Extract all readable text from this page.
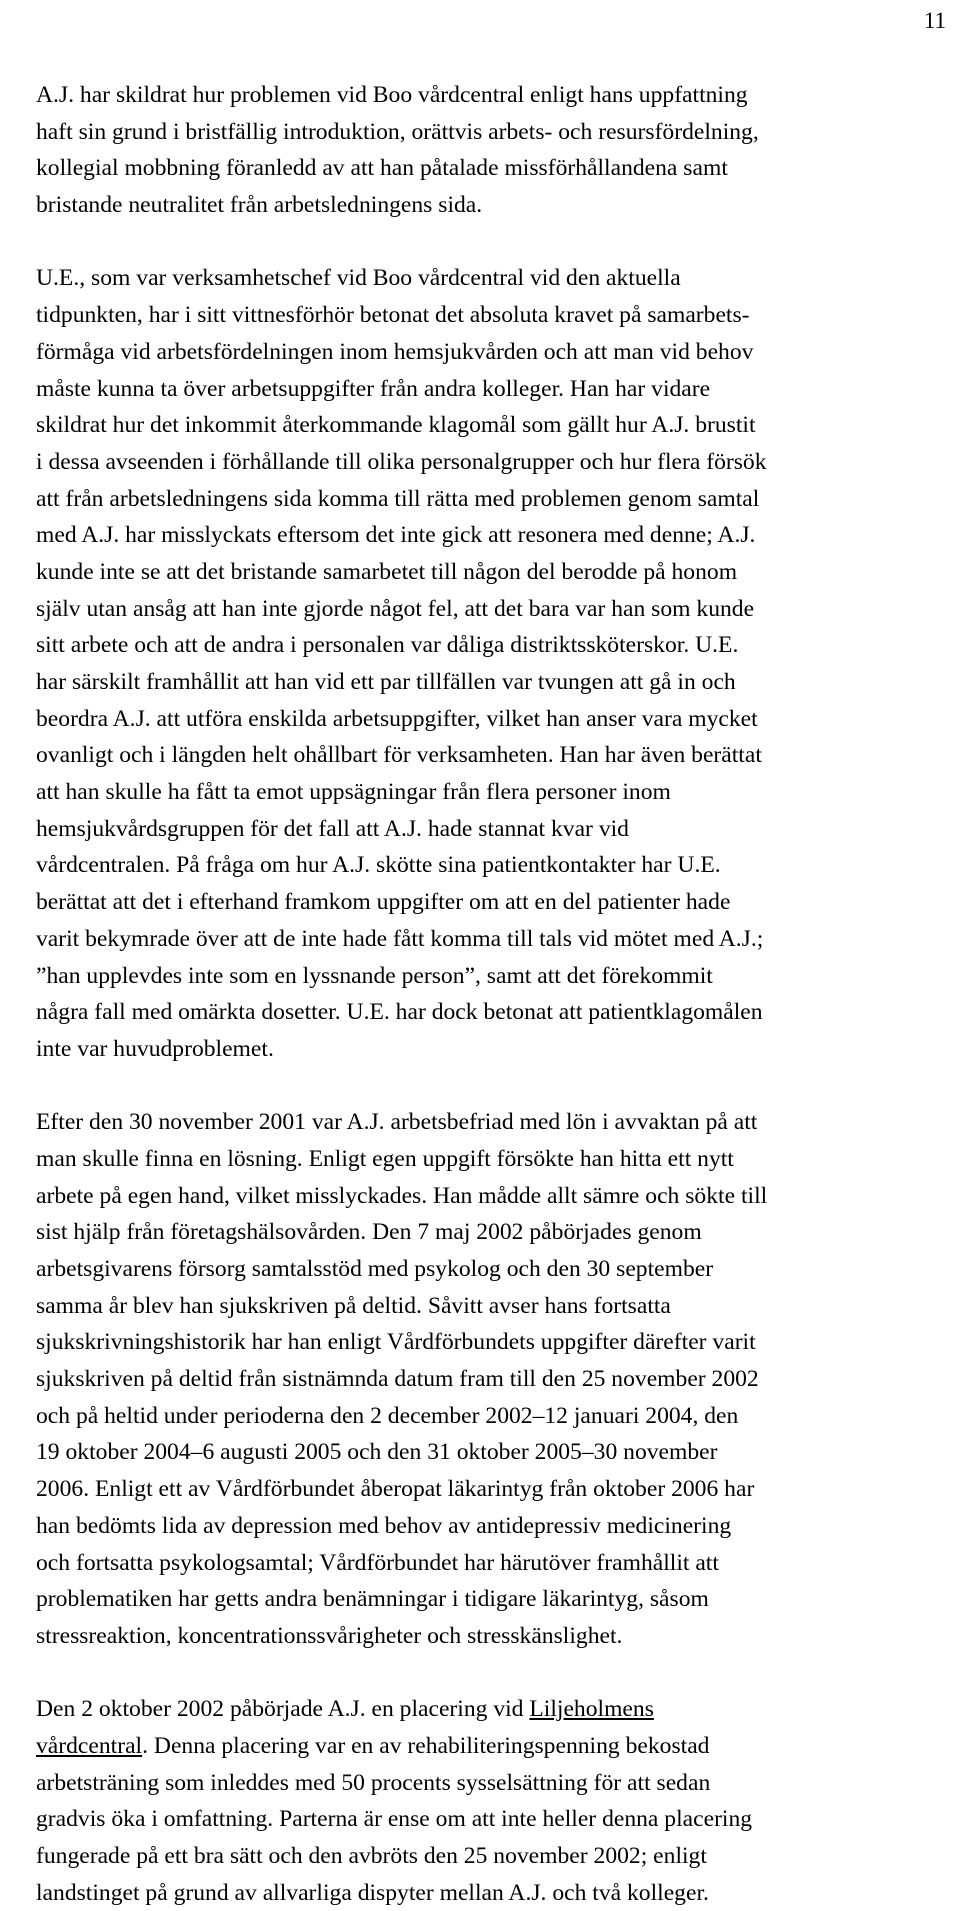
11

A.J. har skildrat hur problemen vid Boo vårdcentral enligt hans uppfattning
haft sin grund i bristfällig introduktion, orättvis arbets- och resursfördelning,
kollegial mobbning föranledd av att han påtalade missförhållandena samt
bristande neutralitet från arbetsledningens sida.

U.E., som var verksamhetschef vid Boo vårdcentral vid den aktuella
tidpunkten, har i sitt vittnesförhör betonat det absoluta kravet på samarbets-
förmåga vid arbetsfördelningen inom hemsjukvården och att man vid behov
måste kunna ta över arbetsuppgifter från andra kolleger. Han har vidare
skildrat hur det inkommit återkommande klagomål som gällt hur A.J. brustit
i dessa avseenden i förhållande till olika personalgrupper och hur flera försök
att från arbetsledningens sida komma till rätta med problemen genom samtal
med A.J. har misslyckats eftersom det inte gick att resonera med denne; A.J.
kunde inte se att det bristande samarbetet till någon del berodde på honom
själv utan ansåg att han inte gjorde något fel, att det bara var han som kunde
sitt arbete och att de andra i personalen var dåliga distriktssköterskor. U.E.
har särskilt framhållit att han vid ett par tillfällen var tvungen att gå in och
beordra A.J. att utföra enskilda arbetsuppgifter, vilket han anser vara mycket
ovanligt och i längden helt ohållbart för verksamheten. Han har även berättat
att han skulle ha fått ta emot uppsägningar från flera personer inom
hemsjukvårdsgruppen för det fall att A.J. hade stannat kvar vid
vårdcentralen. På fråga om hur A.J. skötte sina patientkontakter har U.E.
berättat att det i efterhand framkom uppgifter om att en del patienter hade
varit bekymrade över att de inte hade fått komma till tals vid mötet med A.J.;
”han upplevdes inte som en lyssnande person”, samt att det förekommit
några fall med omärkta dosetter. U.E. har dock betonat att patientklagomålen
inte var huvudproblemet.

Efter den 30 november 2001 var A.J. arbetsbefriad med lön i avvaktan på att
man skulle finna en lösning. Enligt egen uppgift försökte han hitta ett nytt
arbete på egen hand, vilket misslyckades. Han mådde allt sämre och sökte till
sist hjälp från företagshälsovården. Den 7 maj 2002 påbörjades genom
arbetsgivarens försorg samtalsstöd med psykolog och den 30 september
samma år blev han sjukskriven på deltid. Såvitt avser hans fortsatta
sjukskrivningshistorik har han enligt Vårdförbundets uppgifter därefter varit
sjukskriven på deltid från sistnämnda datum fram till den 25 november 2002
och på heltid under perioderna den 2 december 2002–12 januari 2004, den
19 oktober 2004–6 augusti 2005 och den 31 oktober 2005–30 november
2006. Enligt ett av Vårdförbundet åberopat läkarintyg från oktober 2006 har
han bedömts lida av depression med behov av antidepressiv medicinering
och fortsatta psykologsamtal; Vårdförbundet har härutöver framhållit att
problematiken har getts andra benämningar i tidigare läkarintyg, såsom
stressreaktion, koncentrationssvårigheter och stresskänslighet.

Den 2 oktober 2002 påbörjade A.J. en placering vid Liljeholmens
vårdcentral. Denna placering var en av rehabiliteringspenning bekostad
arbetsträning som inleddes med 50 procents sysselsättning för att sedan
gradvis öka i omfattning. Parterna är ense om att inte heller denna placering
fungerade på ett bra sätt och den avbröts den 25 november 2002; enligt
landstinget på grund av allvarliga dispyter mellan A.J. och två kolleger.
